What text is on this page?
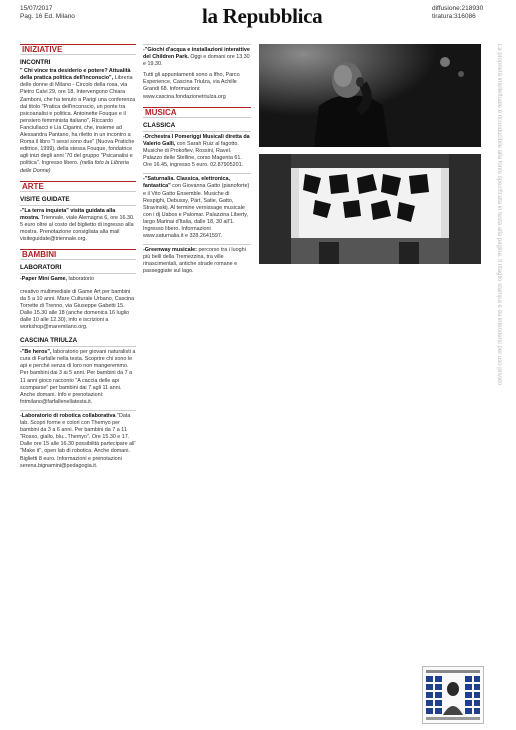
15/07/2017
Pag. 16 Ed. Milano	la Repubblica	diffusione:218930
tiratura:316086
La proprietà intellettuale è riconducibile alla fonte specificata in testa alla pagina. Il ritaglio stampa è da intendersi per uso privato
INIZIATIVE
INCONTRI
" Chi vince tra desiderio e potere? Attualità della pratica politica dell'inconscio", Libreria delle donne di Milano - Circolo della rosa, via Pietro Calvi 29, ore 18. Intervengono Chiara Zamboni, che ha tenuto a Parigi una conferenza dal titolo "Pratica dell'inconscio, un ponte tra psicoanalisi e politica. Antoinette Fouque e il pensiero femminista italiano", Riccardo Fanciullacci e Lia Cigarini, che, insieme ad Alessandra Pantano, ha riletto in un incontro a Roma il libro "I sessi sono due" (Nuova Pratiche editrice, 1999), della stessa Fouque, fondatrice agli inizi degli anni '70 del gruppo "Psicanalisi e politica". Ingresso libero. (nella foto la Libreria delle Donne)
ARTE
VISITE GUIDATE
-"La terra inquieta" visita guidata alla mostra. Triennale, viale Alemagna 6, ore 16.30. 5 euro oltre al costo del biglietto di ingresso alla mostra. Prenotazione consigliata alla mail visiteguidate@triennale.org.
BAMBINI
LABORATORI
-Paper Mini Game, laboratorio
creativo multimediale di Game Art per bambini da 5 a 10 anni. Mare Culturale Urbano, Cascina Torrette di Trenno, via Giuseppe Gabetti 15. Dalle 15.30 alle 18 (anche domenica 16 luglio dalle 10 alle 12.30), info e iscrizioni a workshop@maremilano.org.
CASCINA TRIULZA
-"Be heros", laboratorio per giovani naturalisti a cura di Farfalle nella testa. Scoprire chi sono le api e perché senza di loro non mangeremmo. Per bambini dai 3 ai 5 anni. Per bambini da 7 a 11 anni gioco racconto "A caccia delle api scomparse" per bambini dai 7 agli 11 anni. Anche domani. Info e prenotazioni: fntmilano@farfallenellatesta.it.
-Laboratorio di robotica collaborativa "Data lab. Scopri forme e colori con Themyo per bambini da 3 a 6 anni. Per bambini da 7 a 11 "Rosso, giallo, blu...Themyo". Ore 15.30 e 17. Dalle ore 15 alle 16.30 possibilità partecipare all' "Make it", open lab di robotica. Anche domani. Biglietti 8 euro. Informazioni e prenotazioni serena.bignamini@pedagogia.it.
-"Giochi d'acqua e installazioni interattive del Children Park. Oggi e domani ore 13.30 e 19.30.
Tutti gli appuntamenti sono a Ifho, Parco Experience, Cascina Triulza, via Achille Grandi 68. Informazioni: www.cascina.fondazionetriulza.org
MUSICA
CLASSICA
-Orchestra I Pomeriggi Musicali diretta da Valerio Galli, con Sarah Ruiz al fagotto. Musiche di Prokofiev, Rossini, Ravel. Palazzo delle Stelline, corso Magenta 61. Ore 16.45, ingresso 5 euro. 02.87905201.
-"Saturnalia. Classica, elettronica, fantastica" con Giovanna Gatto (pianoforte) e il Vito Gatto Ensemble. Musiche di Respighi, Debussy, Pärt, Satie, Gatto, Stravinskij. Al termine vernissage musicale con i dj Uabos e Palomar. Palazzina Liberty, largo Marinai d'Italia, dalle 18, 30 all'1. Ingresso libero. Informazioni www.saturnalia.it e 328.2641597.
-Greenway musicale: percorso tra i luoghi più belli della Tremezzina, tra ville rinascimentali, antiche strade romane e passeggiate sul lago.
